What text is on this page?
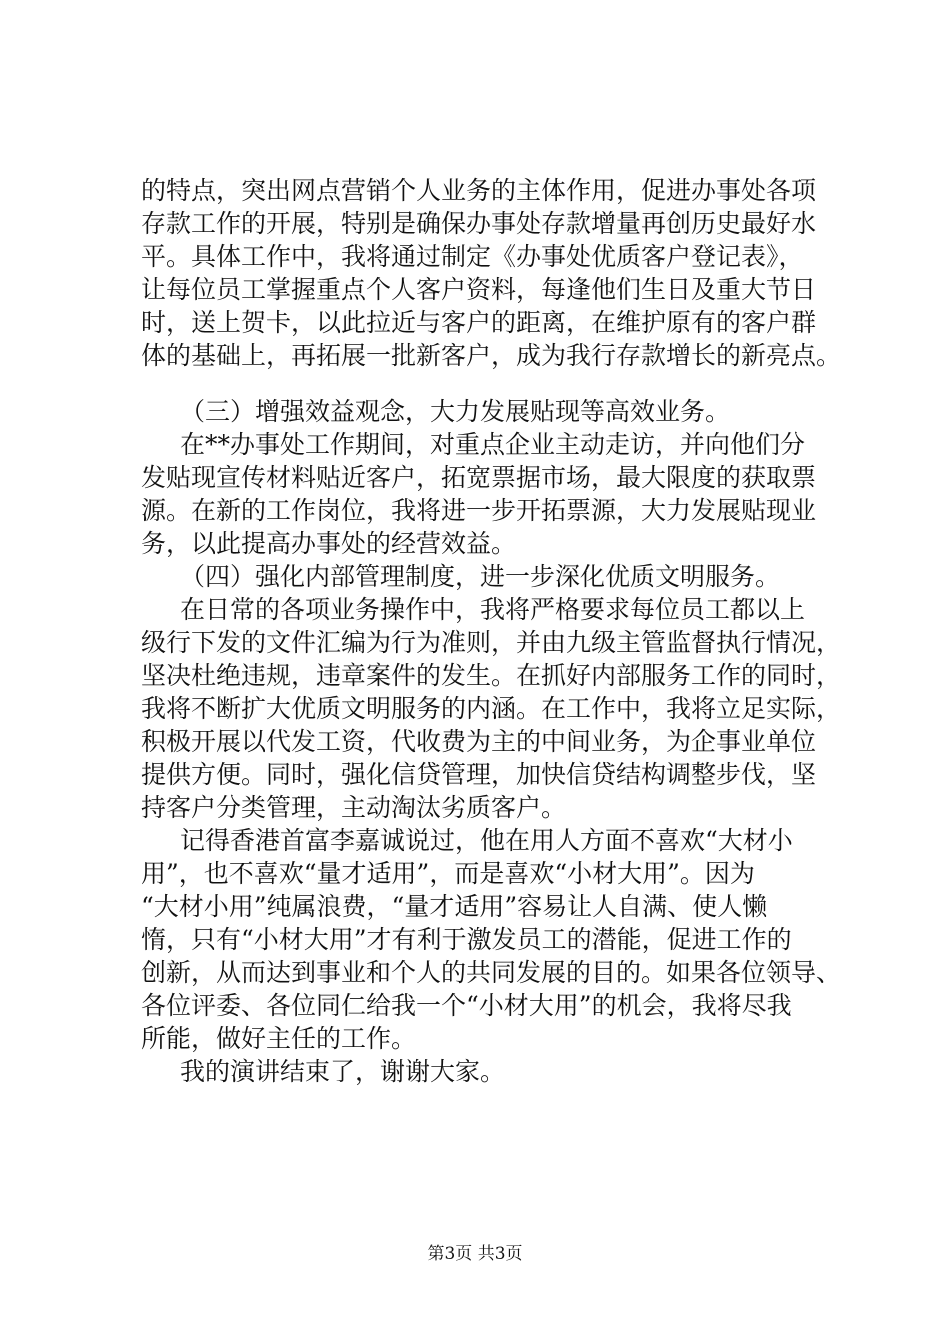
的特点，突出网点营销个人业务的主体作用，促进办事处各项

存款工作的开展，特别是确保办事处存款增量再创历史最好水

平。具体工作中，我将通过制定《办事处优质客户登记表》，

让每位员工掌握重点个人客户资料，每逢他们生日及重大节日

时，送上贺卡，以此拉近与客户的距离，在维护原有的客户群

体的基础上，再拓展一批新客户，成为我行存款增长的新亮点。

（三）增强效益观念，大力发展贴现等高效业务。

在**办事处工作期间，对重点企业主动走访，并向他们分

发贴现宣传材料贴近客户，拓宽票据市场，最大限度的获取票

源。在新的工作岗位，我将进一步开拓票源，大力发展贴现业

务，以此提高办事处的经营效益。

（四）强化内部管理制度，进一步深化优质文明服务。

在日常的各项业务操作中，我将严格要求每位员工都以上

级行下发的文件汇编为行为准则，并由九级主管监督执行情况，

坚决杜绝违规，违章案件的发生。在抓好内部服务工作的同时，

我将不断扩大优质文明服务的内涵。在工作中，我将立足实际，

积极开展以代发工资，代收费为主的中间业务，为企事业单位

提供方便。同时，强化信贷管理，加快信贷结构调整步伐，坚

持客户分类管理，主动淘汰劣质客户。

记得香港首富李嘉诚说过，他在用人方面不喜欢“大材小

用”，也不喜欢“量才适用”，而是喜欢“小材大用”。因为

“大材小用”纯属浪费，“量才适用”容易让人自满、使人懒

惰，只有“小材大用”才有利于激发员工的潜能，促进工作的

创新，从而达到事业和个人的共同发展的目的。如果各位领导、

各位评委、各位同仁给我一个“小材大用”的机会，我将尽我

所能，做好主任的工作。

我的演讲结束了，谢谢大家。

第3页 共3页
